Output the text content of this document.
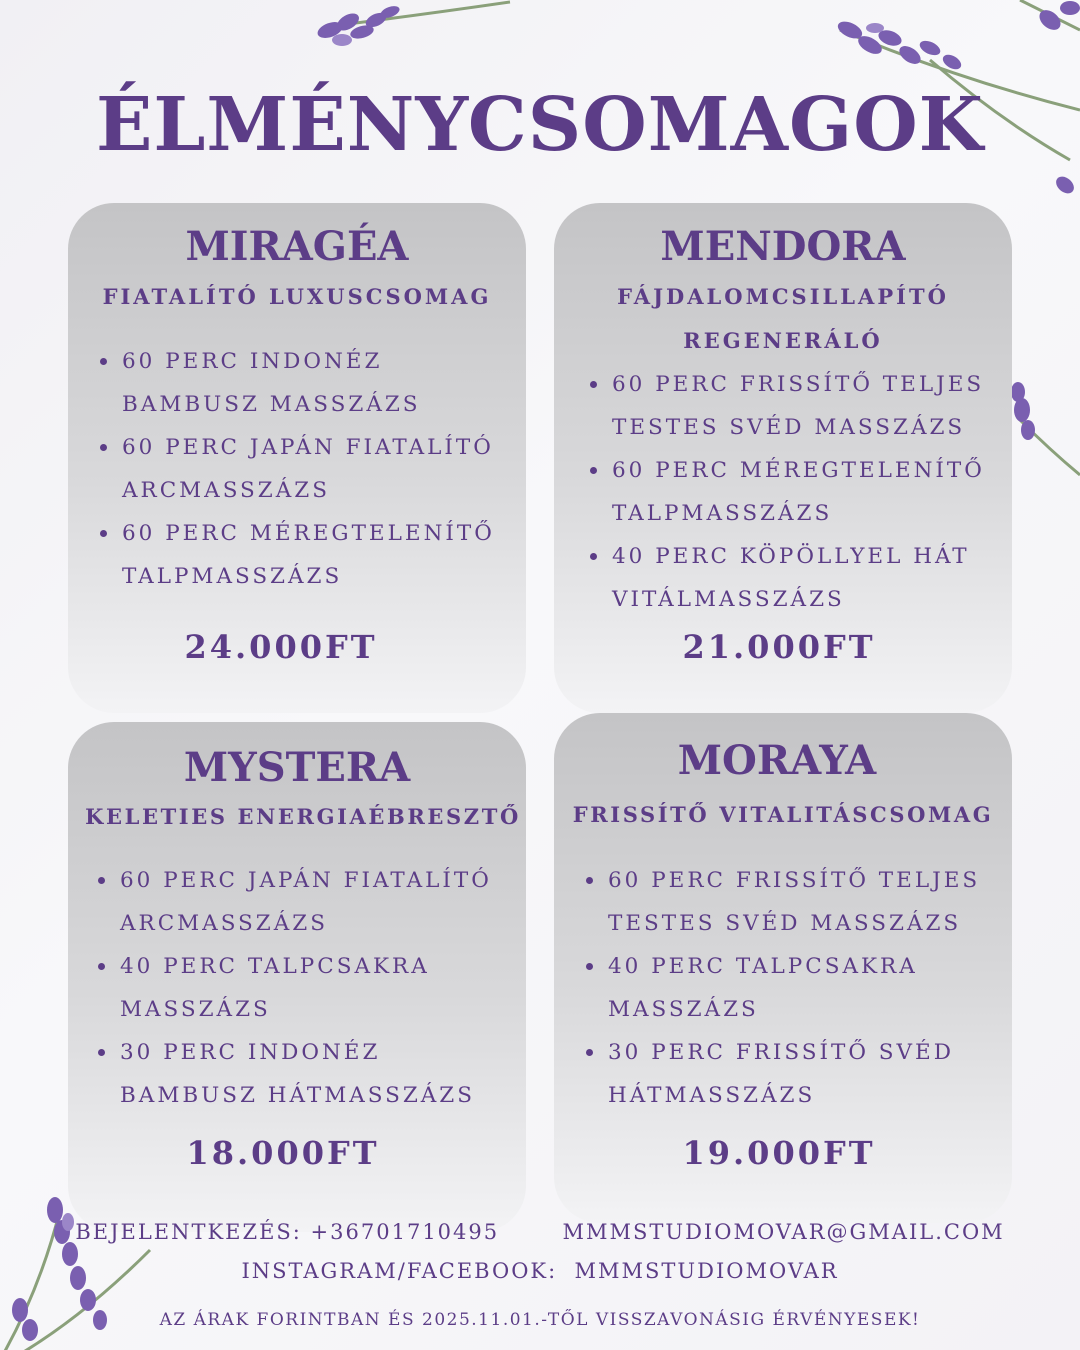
ÉLMÉNYCSOMAGOK
MIRAGÉA
FIATALÍTÓ LUXUSCSOMAG
60 PERC INDONÉZ
BAMBUSZ MASSZÁZS
60 PERC JAPÁN FIATALÍTÓ
ARCMASSZÁZS
60 PERC MÉREGTELENÍTŐ
TALPMASSZÁZS
24.000FT
MENDORA
FÁJDALOMCSILLAPÍTÓ
REGENERÁLÓ
60 PERC FRISSÍTŐ TELJES
TESTES SVÉD MASSZÁZS
60 PERC MÉREGTELENÍTŐ
TALPMASSZÁZS
40 PERC KÖPÖLLYEL HÁT
VITÁLMASSZÁZS
21.000FT
MYSTERA
KELETIES ENERGIAÉBRESZTŐ
60 PERC JAPÁN FIATALÍTÓ
ARCMASSZÁZS
40 PERC TALPCSAKRA
MASSZÁZS
30 PERC INDONÉZ
BAMBUSZ HÁTMASSZÁZS
18.000FT
MORAYA
FRISSÍTŐ VITALITÁSCSOMAG
60 PERC FRISSÍTŐ TELJES
TESTES SVÉD MASSZÁZS
40 PERC TALPCSAKRA
MASSZÁZS
30 PERC FRISSÍTŐ SVÉD
HÁTMASSZÁZS
19.000FT
BEJELENTKEZÉS: +36701710495	MMMSTUDIOMOVAR@GMAIL.COM
INSTAGRAM/FACEBOOK:  MMMSTUDIOMOVAR
AZ ÁRAK FORINTBAN ÉS 2025.11.01.-TŐL VISSZAVONÁSIG ÉRVÉNYESEK!
